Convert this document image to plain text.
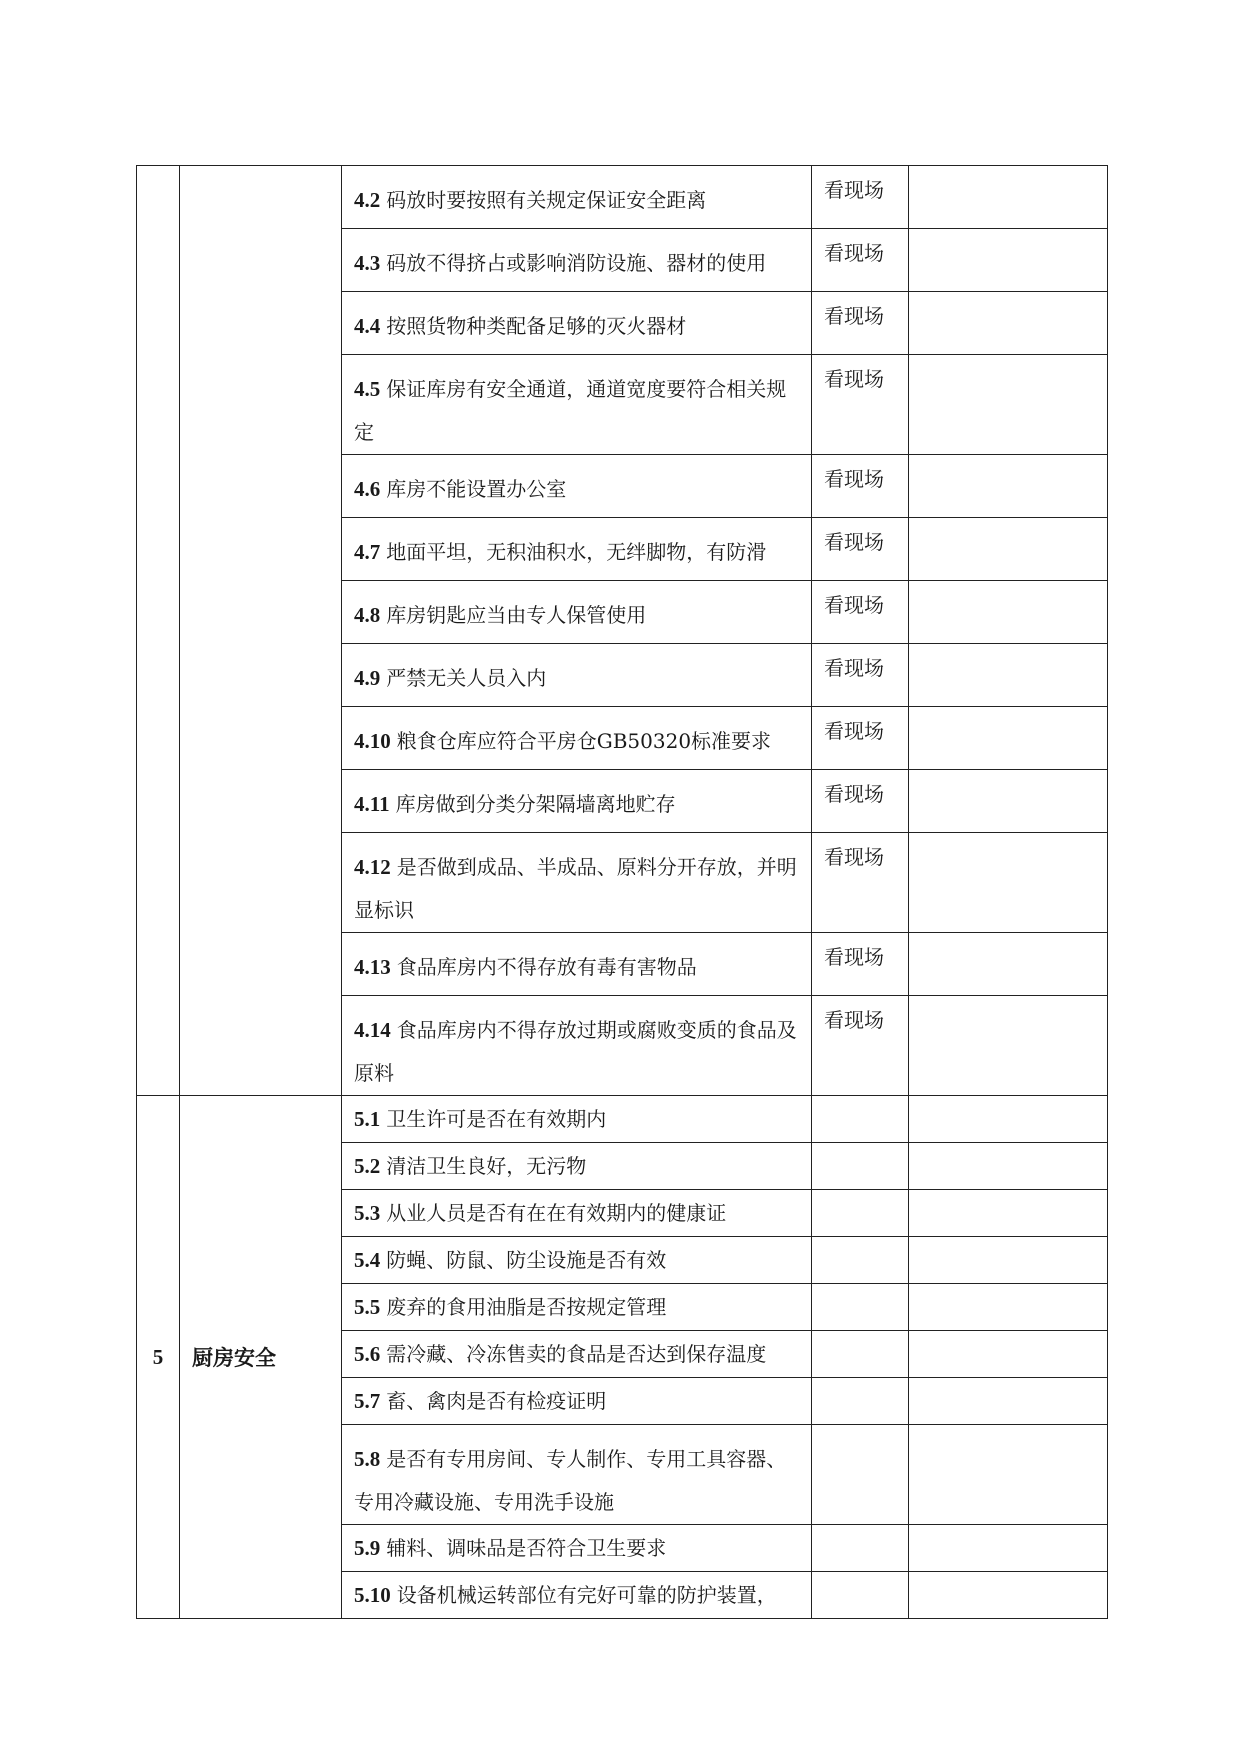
		4.2 码放时要按照有关规定保证安全距离	看现场	
		4.3 码放不得挤占或影响消防设施、器材的使用	看现场	
		4.4 按照货物种类配备足够的灭火器材	看现场	
		4.5 保证库房有安全通道，通道宽度要符合相关规定	看现场	
		4.6 库房不能设置办公室	看现场	
		4.7 地面平坦，无积油积水，无绊脚物，有防滑	看现场	
		4.8 库房钥匙应当由专人保管使用	看现场	
		4.9 严禁无关人员入内	看现场	
		4.10 粮食仓库应符合平房仓GB50320标准要求	看现场	
		4.11 库房做到分类分架隔墙离地贮存	看现场	
		4.12 是否做到成品、半成品、原料分开存放，并明显标识	看现场	
		4.13 食品库房内不得存放有毒有害物品	看现场	
		4.14 食品库房内不得存放过期或腐败变质的食品及原料	看现场	
5	厨房安全	5.1 卫生许可是否在有效期内		
		5.2 清洁卫生良好，无污物		
		5.3 从业人员是否有在在有效期内的健康证		
		5.4 防蝇、防鼠、防尘设施是否有效		
		5.5 废弃的食用油脂是否按规定管理		
		5.6 需冷藏、冷冻售卖的食品是否达到保存温度		
		5.7 畜、禽肉是否有检疫证明		
		5.8 是否有专用房间、专人制作、专用工具容器、专用冷藏设施、专用洗手设施		
		5.9 辅料、调味品是否符合卫生要求		
		5.10 设备机械运转部位有完好可靠的防护装置，		
